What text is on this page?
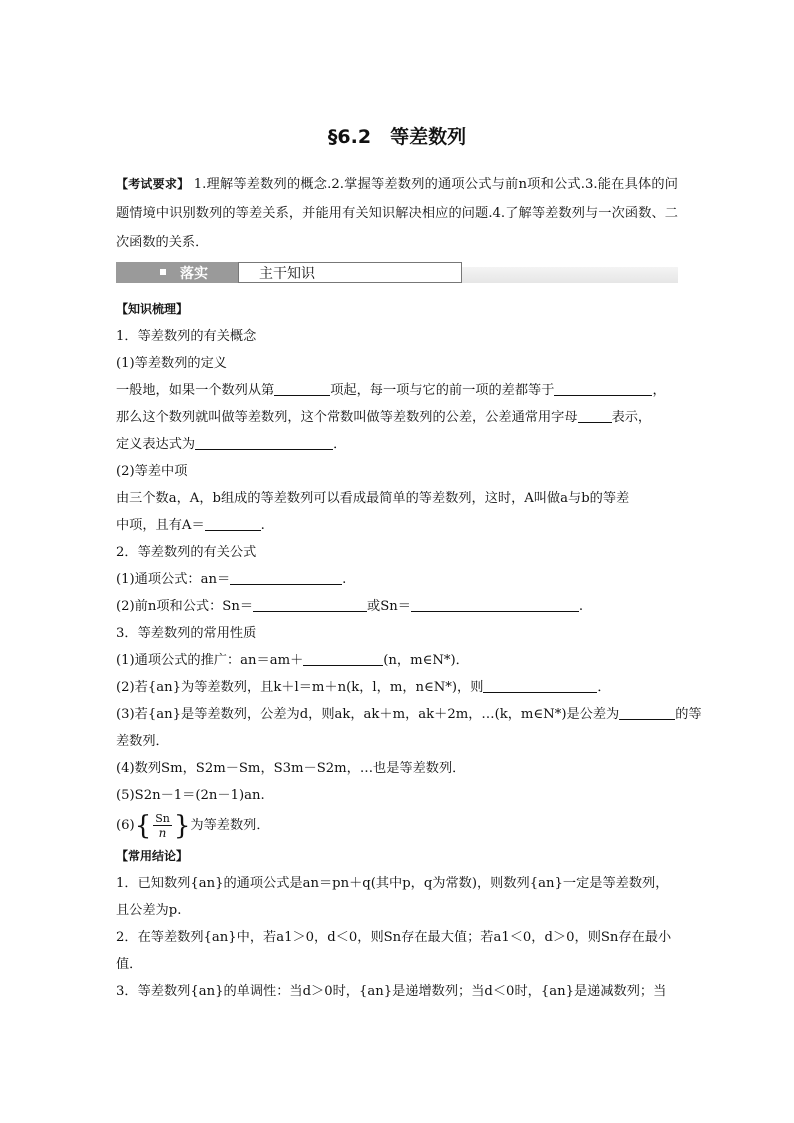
§6.2　等差数列
【考试要求】 1.理解等差数列的概念.2.掌握等差数列的通项公式与前n项和公式.3.能在具体的问题情境中识别数列的等差关系，并能用有关知识解决相应的问题.4.了解等差数列与一次函数、二次函数的关系．
落实	主干知识
【知识梳理】
1．等差数列的有关概念
(1)等差数列的定义
一般地，如果一个数列从第	项起，每一项与它的前一项的差都等于	，
那么这个数列就叫做等差数列，这个常数叫做等差数列的公差，公差通常用字母	表示，
定义表达式为	．
(2)等差中项
由三个数a，A，b组成的等差数列可以看成最简单的等差数列，这时，A叫做a与b的等差
中项，且有A＝	.
2．等差数列的有关公式
(1)通项公式：an＝	.
(2)前n项和公式：Sn＝	或Sn＝	.
3．等差数列的常用性质
(1)通项公式的推广：an＝am＋	(n，m∈N*)．
(2)若{an}为等差数列，且k＋l＝m＋n(k，l，m，n∈N*)，则	．
(3)若{an}是等差数列，公差为d，则ak，ak＋m，ak＋2m，…(k，m∈N*)是公差为	的等
差数列．
(4)数列Sm，S2m－Sm，S3m－S2m，…也是等差数列．
(5)S2n－1＝(2n－1)an.
$(6)\{ \frac{Sn}{n}$ }为等差数列．
【常用结论】
1．已知数列{an}的通项公式是an＝pn＋q(其中p，q为常数)，则数列{an}一定是等差数列，
且公差为p.
2．在等差数列{an}中，若a1＞0，d＜0，则Sn存在最大值；若a1＜0，d＞0，则Sn存在最小
值．
3．等差数列{an}的单调性：当d＞0时，{an}是递增数列；当d＜0时，{an}是递减数列；当
